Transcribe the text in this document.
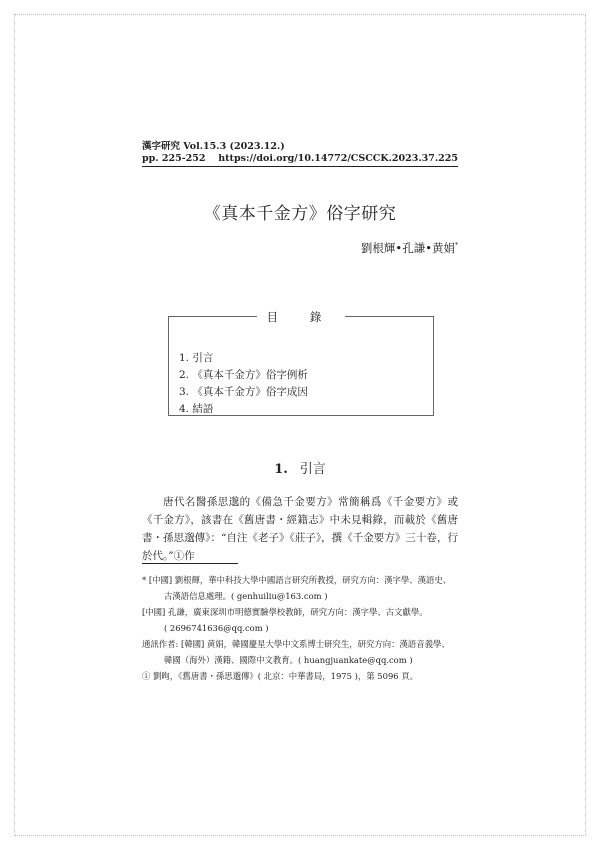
漢字研究 Vol.15.3 (2023.12.)
pp. 225-252 https://doi.org/10.14772/CSCCK.2023.37.225
《真本千金方》俗字研究
劉根輝•孔謙•黄娟*
目 錄
1. 引言
2. 《真本千金方》俗字例析
3. 《真本千金方》俗字成因
4. 結語
1. 引言

唐代名醫孫思邈的《備急千金要方》常簡稱爲《千金要方》或《千金方》，該書在《舊唐書・經籍志》中未見輯錄，而載於《舊唐書・孫思邈傳》：“自注《老子》《莊子》，撰《千金要方》三十卷，行於代。”①作

* [中國] 劉根輝，華中科技大學中國語言研究所教授，研究方向：漢字學、漢語史、
古漢語信息處理。( genhuiliu@163.com )

[中國] 孔謙，廣東深圳市明德實驗學校教師，研究方向：漢字學、古文獻學。
( 2696741636@qq.com )

通訊作者: [韓國] 黄娟，韓國慶星大學中文系博士研究生，研究方向：漢語音義學、
韓國（海外）漢籍、國際中文教育。( huangjuankate@qq.com )

① 劉昫，《舊唐書・孫思邈傳》( 北京：中華書局，1975 )，第 5096 頁。
